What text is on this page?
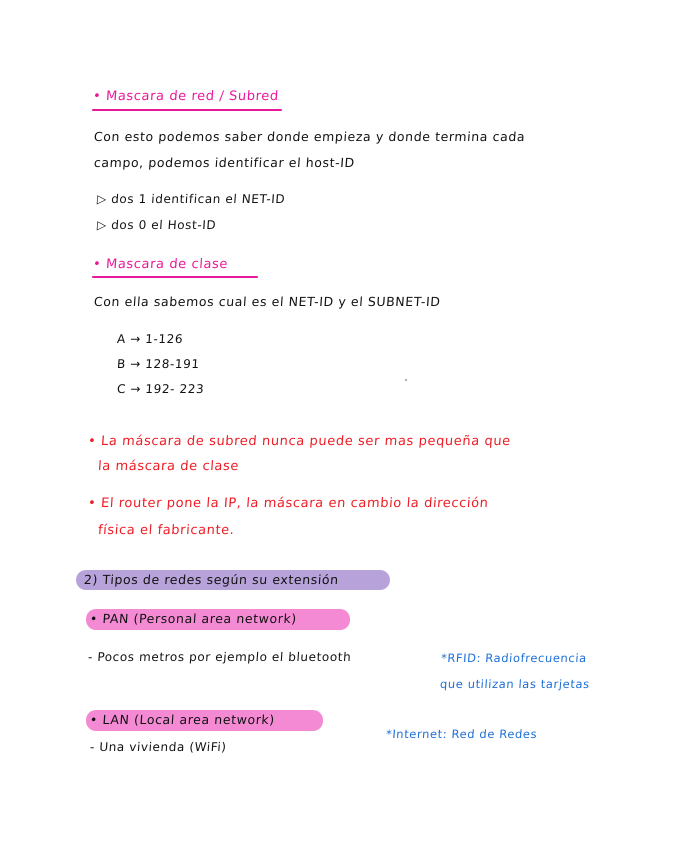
• Mascara de red / Subred
Con esto podemos saber donde empieza y donde termina cada
campo, podemos identificar el host-ID
▷ dos 1 identifican el NET-ID
▷ dos 0 el Host-ID
• Mascara de clase
Con ella sabemos cual es el NET-ID y el SUBNET-ID
A → 1-126
B → 128-191
C → 192- 223
• La máscara de subred nunca puede ser mas pequeña que
la máscara de clase
• El router pone la IP, la máscara en cambio la dirección
física el fabricante.
2) Tipos de redes según su extensión
• PAN (Personal area network)
- Pocos metros por ejemplo el bluetooth	*RFID: Radiofrecuencia
que utilizan las tarjetas
• LAN (Local area network)
*Internet: Red de Redes
- Una vivienda (WiFi)
